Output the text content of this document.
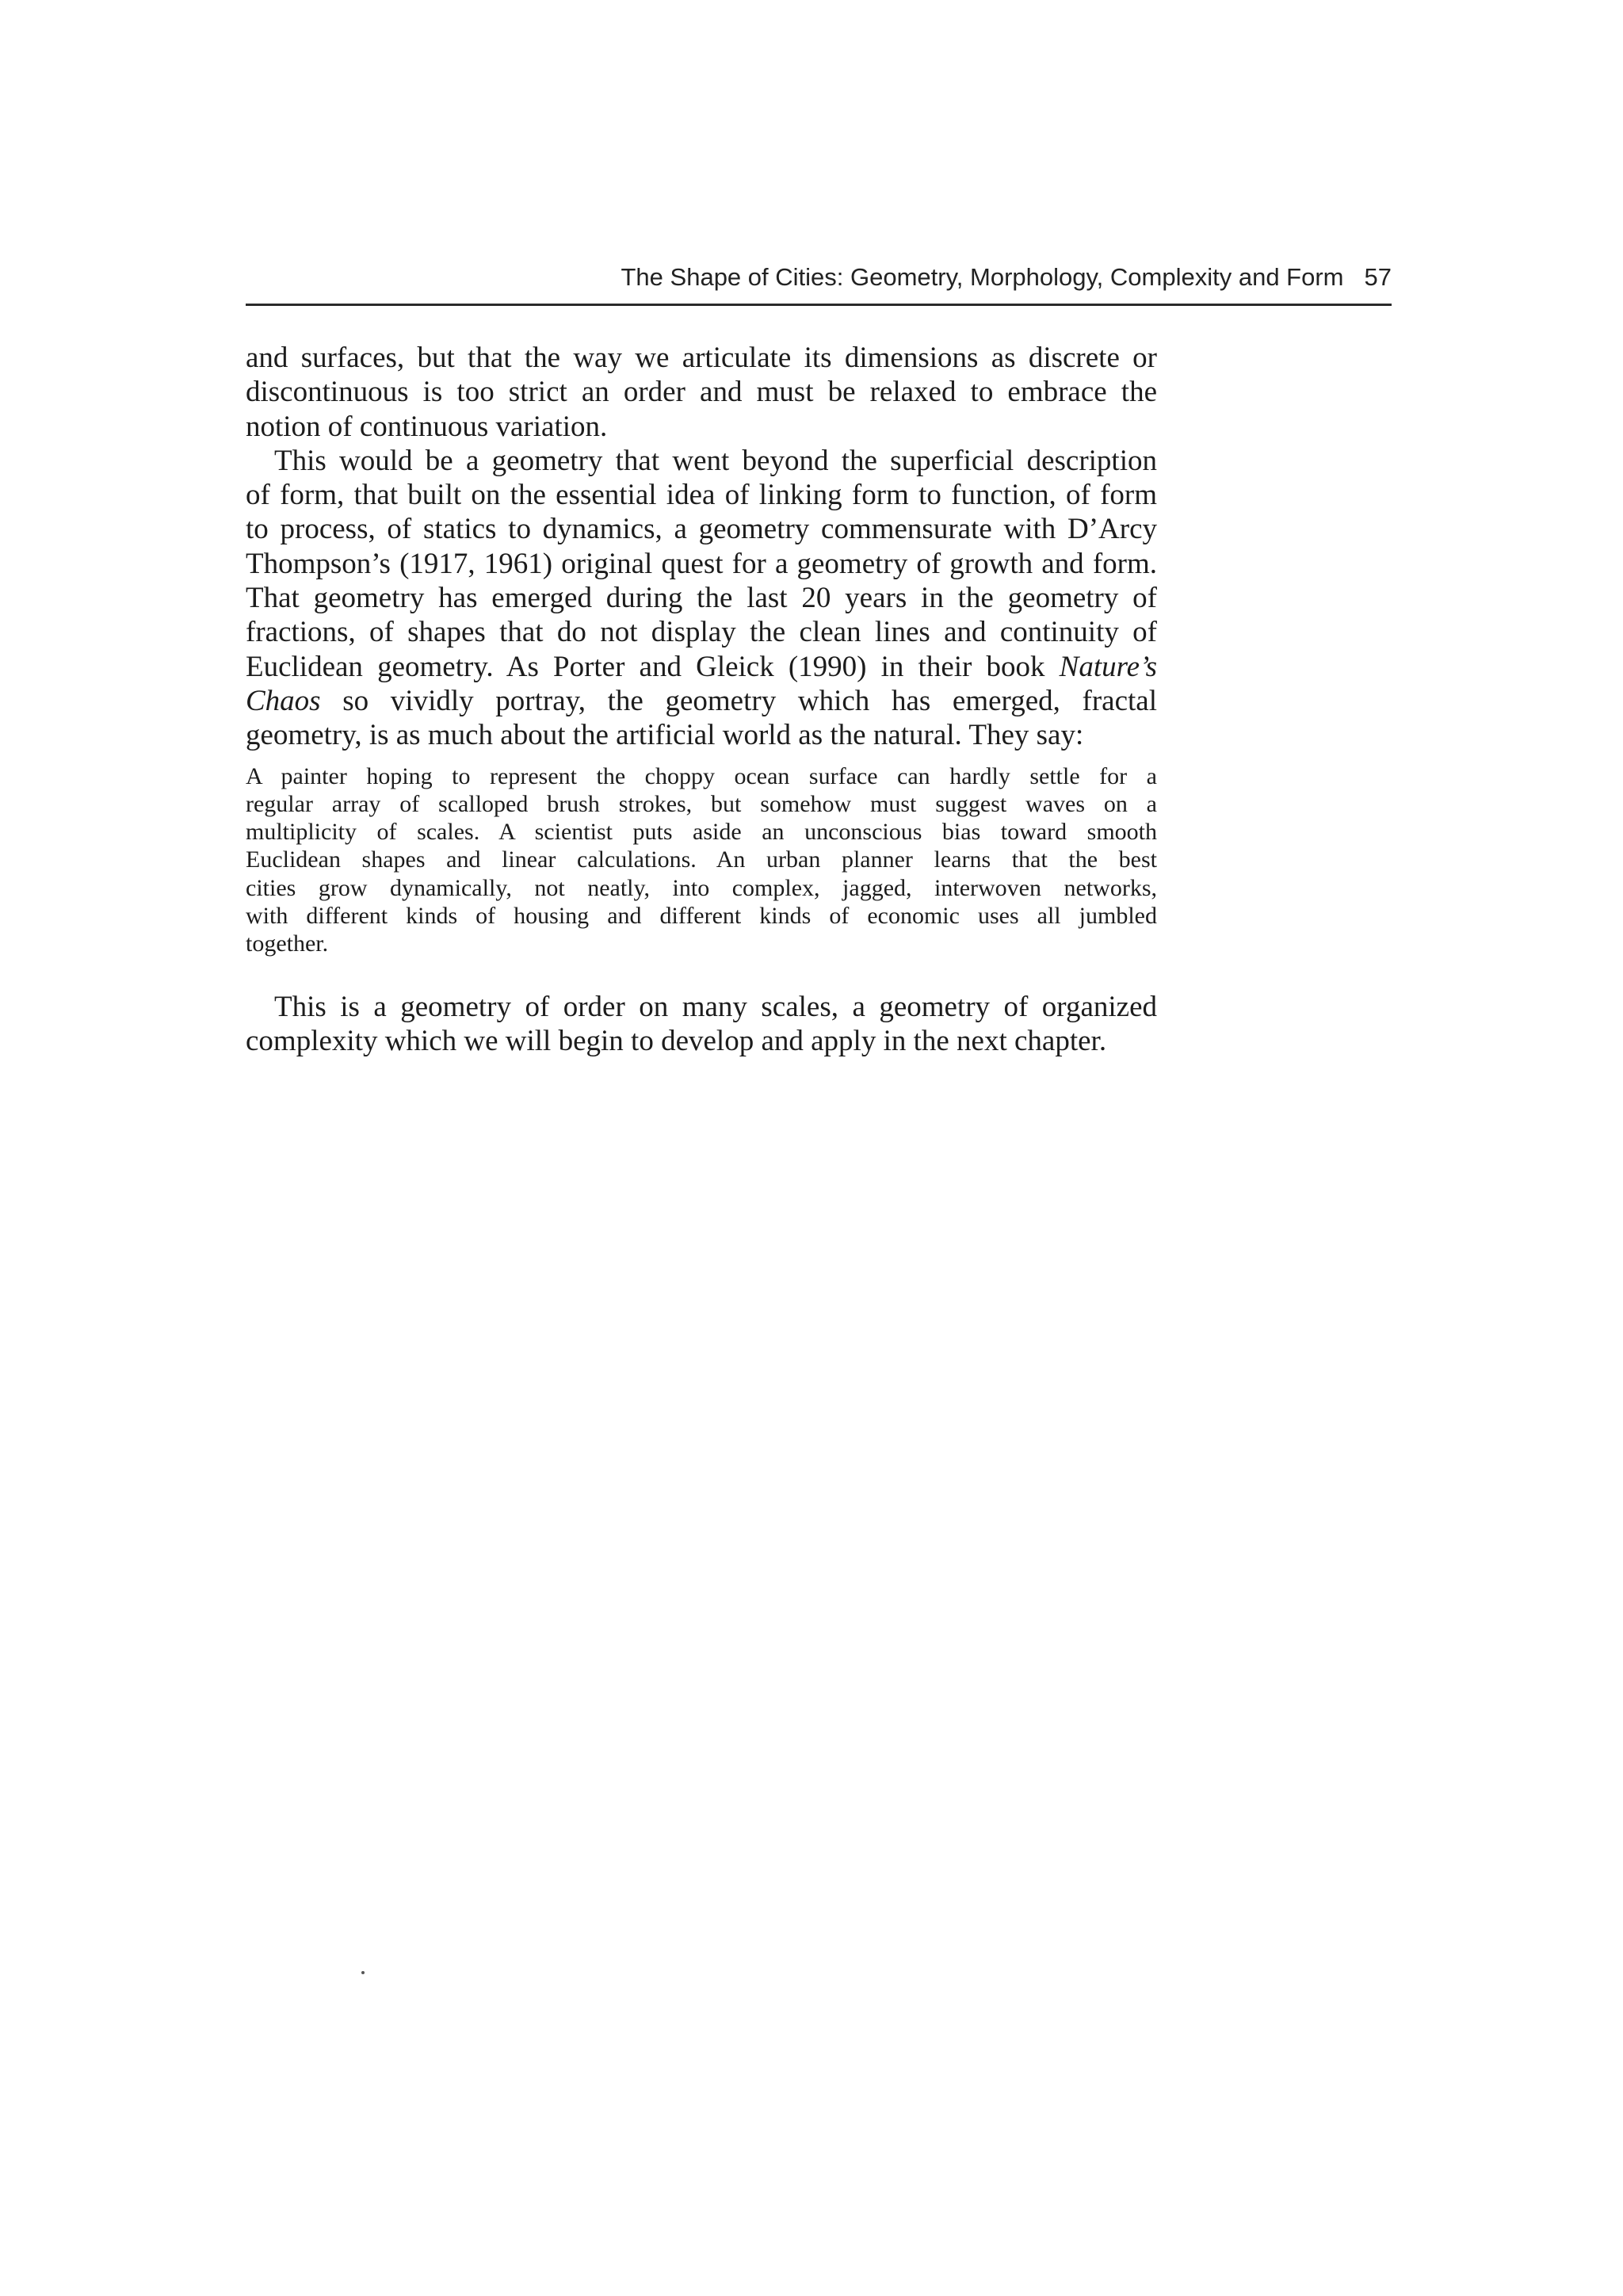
The Shape of Cities: Geometry, Morphology, Complexity and Form 57

and surfaces, but that the way we articulate its dimensions as discrete or
discontinuous is too strict an order and must be relaxed to embrace the
notion of continuous variation.

This would be a geometry that went beyond the superficial description
of form, that built on the essential idea of linking form to function, of form
to process, of statics to dynamics, a geometry commensurate with D’Arcy
Thompson’s (1917, 1961) original quest for a geometry of growth and form.
That geometry has emerged during the last 20 years in the geometry of
fractions, of shapes that do not display the clean lines and continuity of
Euclidean geometry. As Porter and Gleick (1990) in their book Nature’s
Chaos so vividly portray, the geometry which has emerged, fractal
geometry, is as much about the artificial world as the natural. They say:

A painter hoping to represent the choppy ocean surface can hardly settle for a
regular array of scalloped brush strokes, but somehow must suggest waves on a
multiplicity of scales. A scientist puts aside an unconscious bias toward smooth
Euclidean shapes and linear calculations. An urban planner learns that the best
cities grow dynamically, not neatly, into complex, jagged, interwoven networks,
with different kinds of housing and different kinds of economic uses all jumbled
together.

This is a geometry of order on many scales, a geometry of organized
complexity which we will begin to develop and apply in the next chapter.
